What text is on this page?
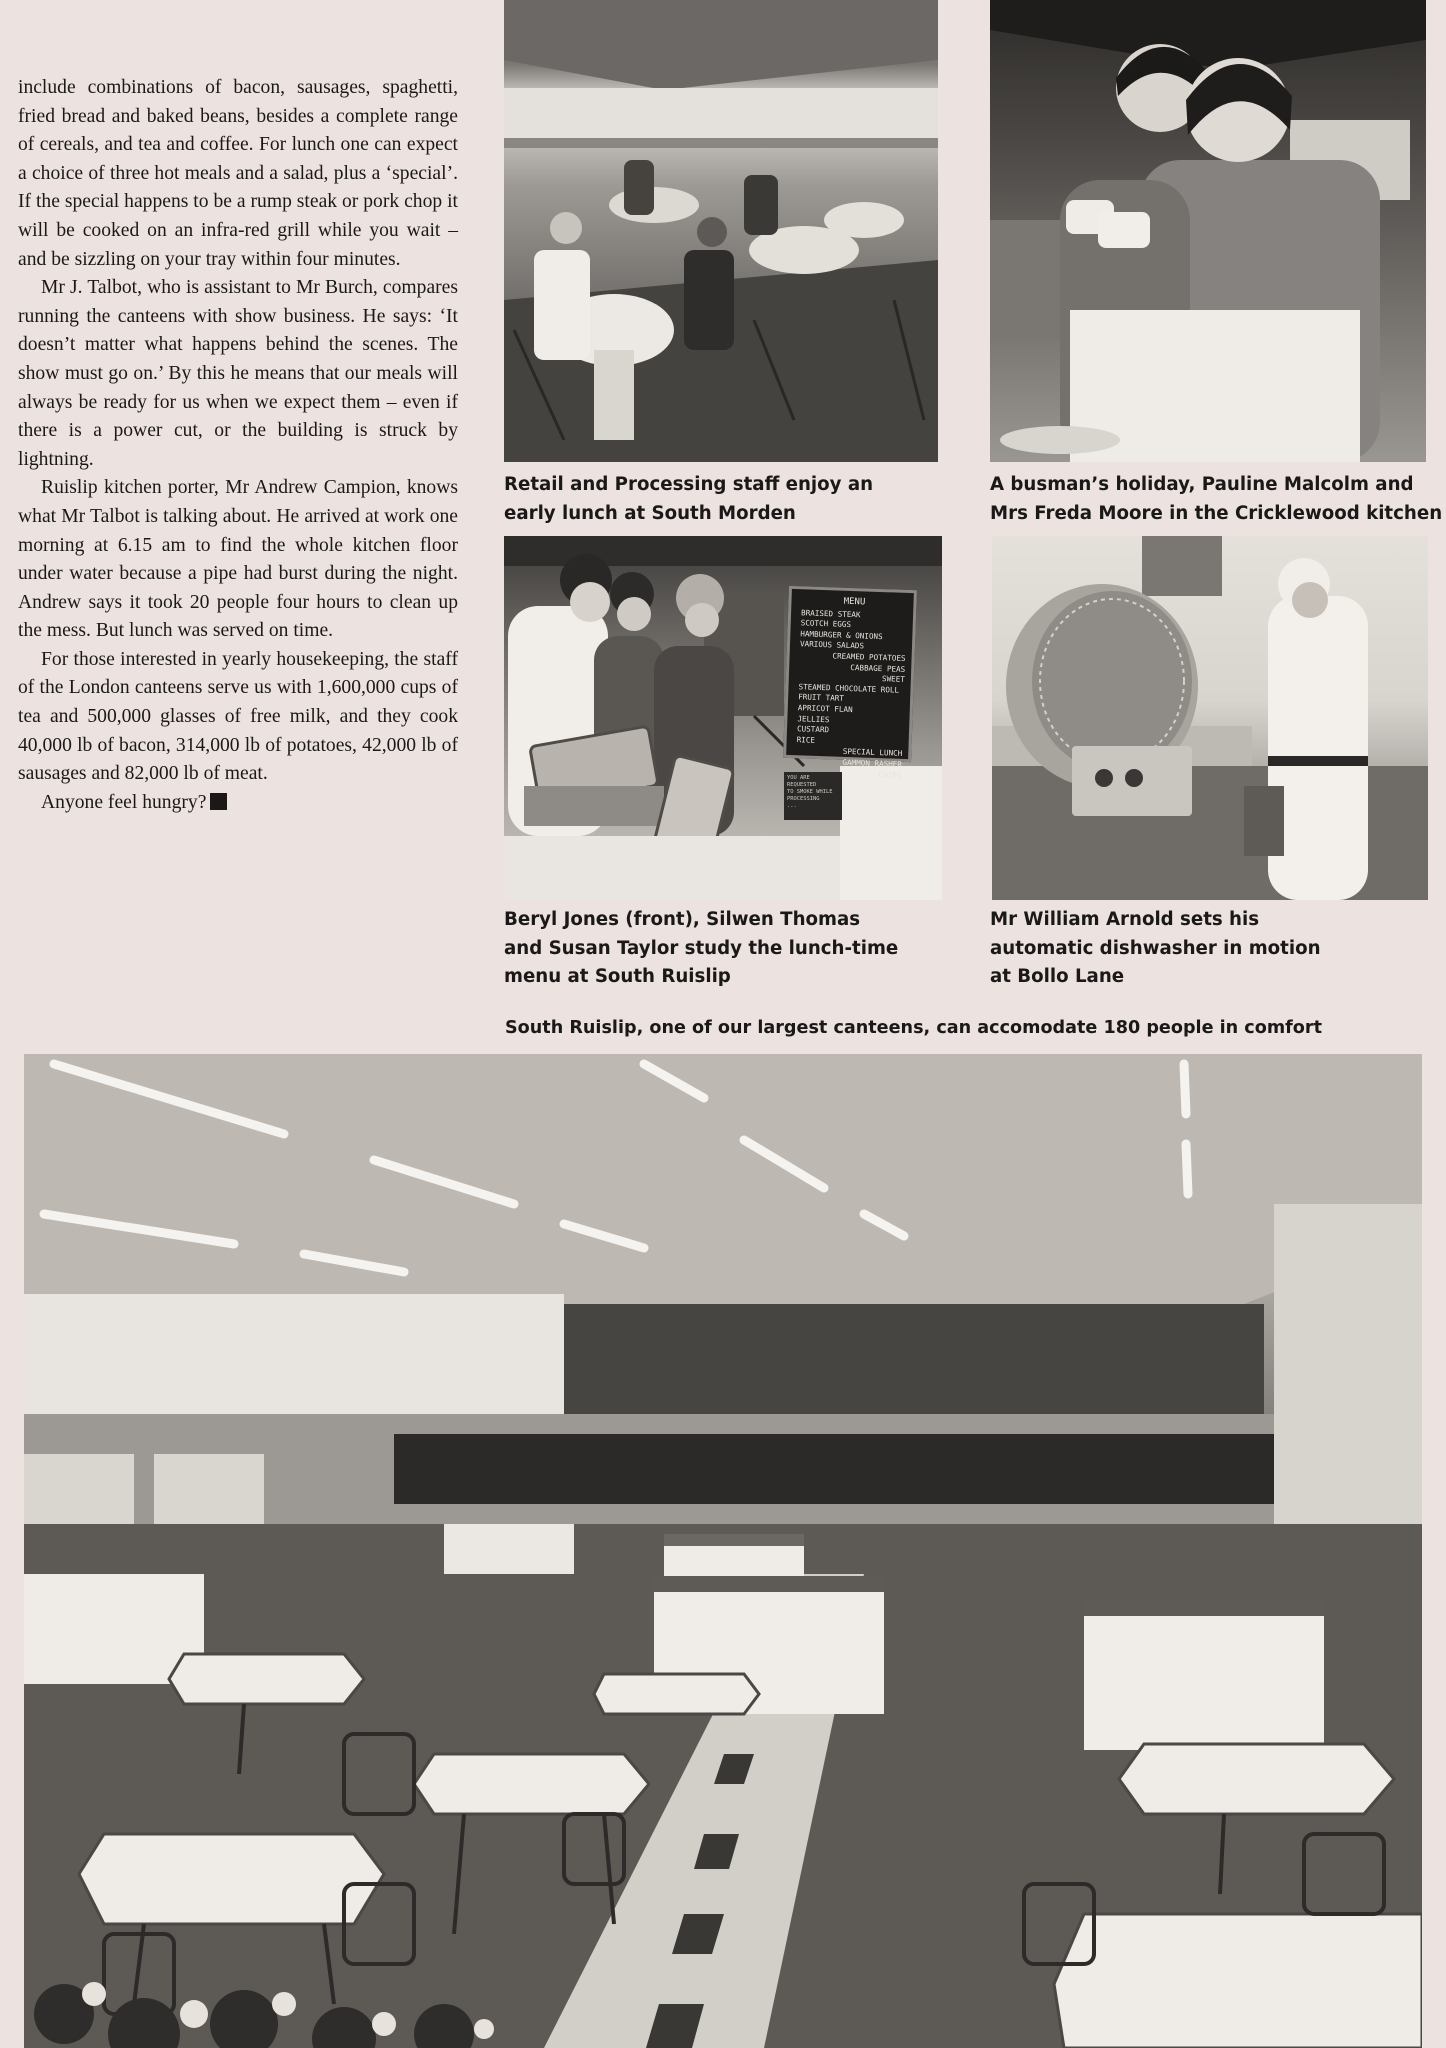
include combinations of bacon, sausages, spaghetti, fried bread and baked beans, besides a complete range of cereals, and tea and coffee. For lunch one can expect a choice of three hot meals and a salad, plus a ‘special’. If the special happens to be a rump steak or pork chop it will be cooked on an infra-red grill while you wait – and be sizzling on your tray within four minutes.

Mr J. Talbot, who is assistant to Mr Burch, compares running the canteens with show business. He says: ‘It doesn’t matter what happens behind the scenes. The show must go on.’ By this he means that our meals will always be ready for us when we expect them – even if there is a power cut, or the building is struck by lightning.

Ruislip kitchen porter, Mr Andrew Campion, knows what Mr Talbot is talking about. He arrived at work one morning at 6.15 am to find the whole kitchen floor under water because a pipe had burst during the night. Andrew says it took 20 people four hours to clean up the mess. But lunch was served on time.

For those interested in yearly housekeeping, the staff of the London canteens serve us with 1,600,000 cups of tea and 500,000 glasses of free milk, and they cook 40,000 lb of bacon, 314,000 lb of potatoes, 42,000 lb of sausages and 82,000 lb of meat.

Anyone feel hungry?

Retail and Processing staff enjoy an
early lunch at South Morden
A busman’s holiday, Pauline Malcolm and
Mrs Freda Moore in the Cricklewood kitchen
MENU
BRAISED STEAK
SCOTCH EGGS
HAMBURGER & ONIONS
VARIOUS SALADS
CREAMED POTATOES
CABBAGE PEAS
SWEET
STEAMED CHOCOLATE ROLL
FRUIT TART
APRICOT FLAN
JELLIES
CUSTARD
RICE
SPECIAL LUNCH
GAMMON RASHER
CHIPS
YOU ARE REQUESTED
TO SMOKE WHILE
PROCESSING
...
Beryl Jones (front), Silwen Thomas
and Susan Taylor study the lunch-time
menu at South Ruislip
Mr William Arnold sets his
automatic dishwasher in motion
at Bollo Lane
South Ruislip, one of our largest canteens, can accomodate 180 people in comfort
